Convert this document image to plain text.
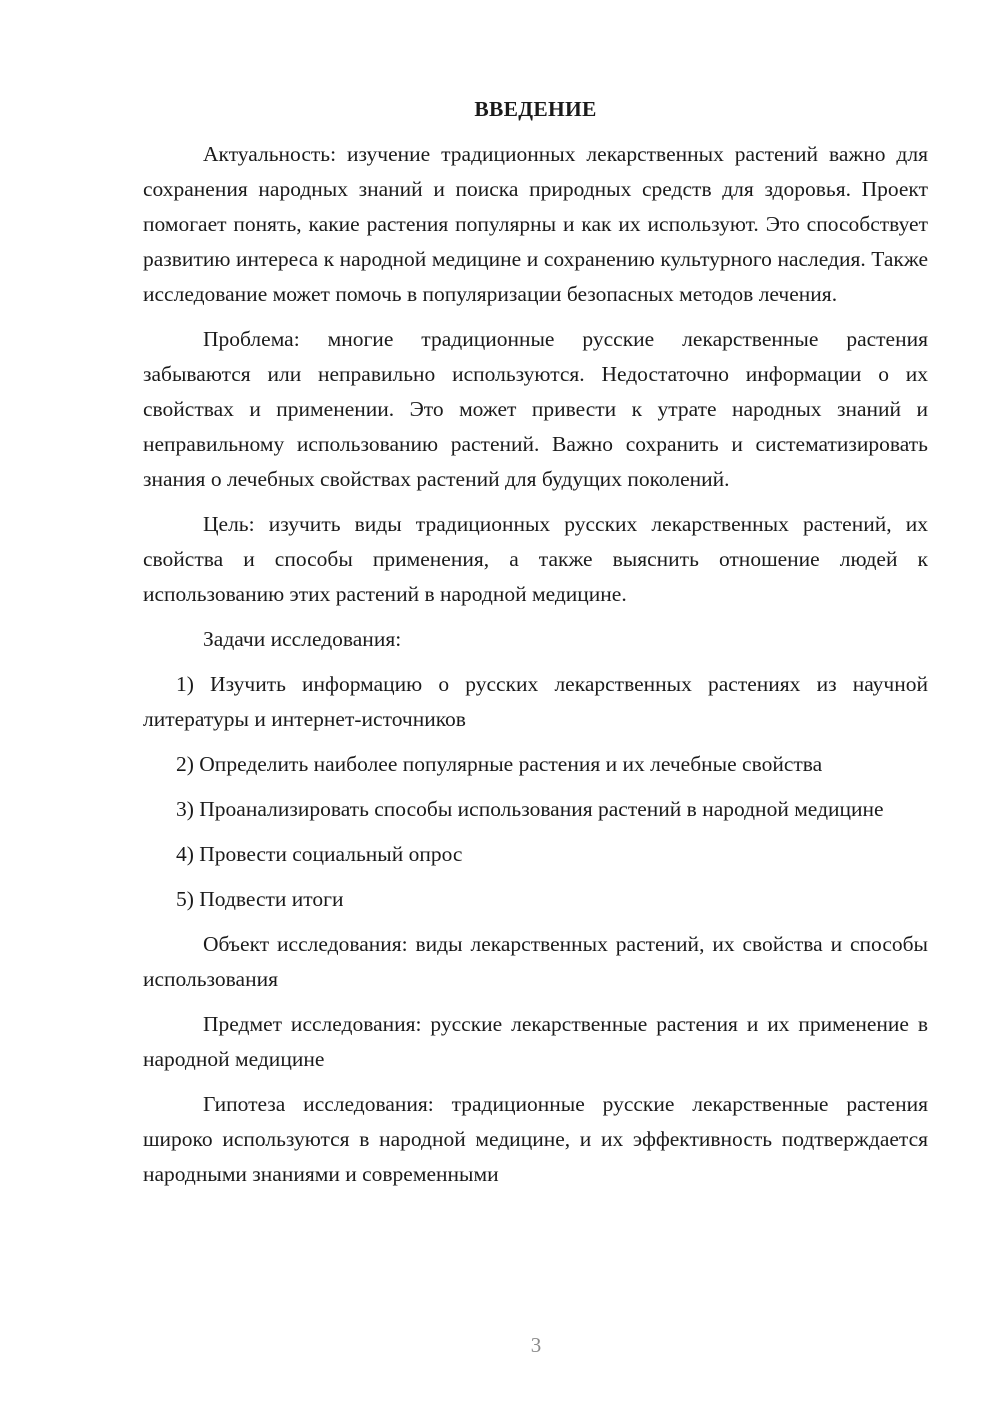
ВВЕДЕНИЕ

Актуальность: изучение традиционных лекарственных растений важно для сохранения народных знаний и поиска природных средств для здоровья. Проект помогает понять, какие растения популярны и как их используют. Это способствует развитию интереса к народной медицине и сохранению культурного наследия. Также исследование может помочь в популяризации безопасных методов лечения.

Проблема: многие традиционные русские лекарственные растения забываются или неправильно используются. Недостаточно информации о их свойствах и применении. Это может привести к утрате народных знаний и неправильному использованию растений. Важно сохранить и систематизировать знания о лечебных свойствах растений для будущих поколений.

Цель: изучить виды традиционных русских лекарственных растений, их свойства и способы применения, а также выяснить отношение людей к использованию этих растений в народной медицине.

Задачи исследования:

1) Изучить информацию о русских лекарственных растениях из научной литературы и интернет-источников

2) Определить наиболее популярные растения и их лечебные свойства

3) Проанализировать способы использования растений в народной медицине

4) Провести социальный опрос

5) Подвести итоги

Объект исследования: виды лекарственных растений, их свойства и способы использования

Предмет исследования: русские лекарственные растения и их применение в народной медицине

Гипотеза исследования: традиционные русские лекарственные растения широко используются в народной медицине, и их эффективность подтверждается народными знаниями и современными

3
